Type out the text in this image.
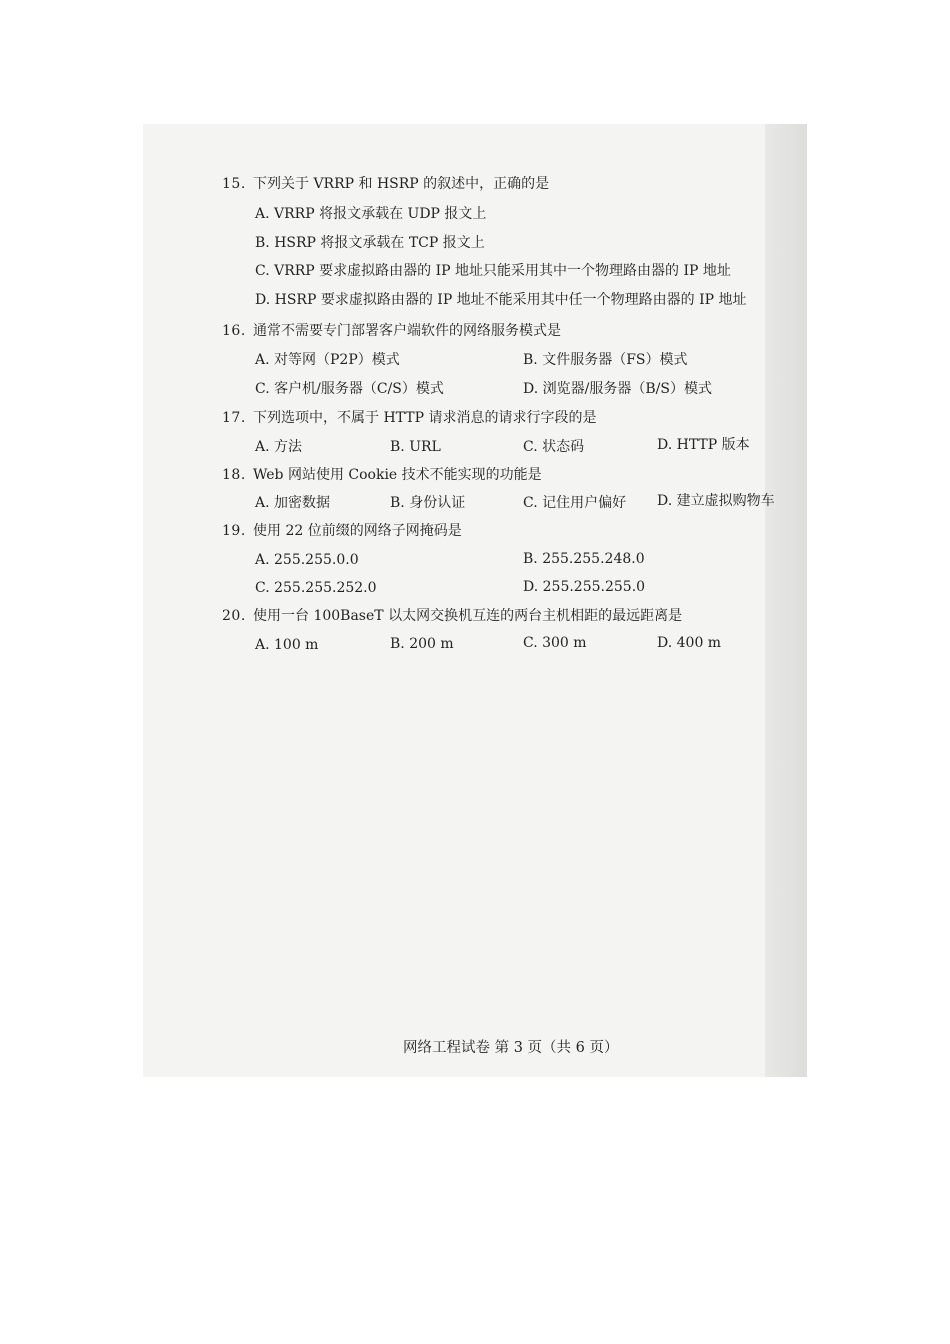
15. 下列关于 VRRP 和 HSRP 的叙述中，正确的是
A. VRRP 将报文承载在 UDP 报文上
B. HSRP 将报文承载在 TCP 报文上
C. VRRP 要求虚拟路由器的 IP 地址只能采用其中一个物理路由器的 IP 地址
D. HSRP 要求虚拟路由器的 IP 地址不能采用其中任一个物理路由器的 IP 地址
16. 通常不需要专门部署客户端软件的网络服务模式是
A. 对等网（P2P）模式	B. 文件服务器（FS）模式
C. 客户机/服务器（C/S）模式	D. 浏览器/服务器（B/S）模式
17. 下列选项中，不属于 HTTP 请求消息的请求行字段的是
A. 方法	B. URL	C. 状态码	D. HTTP 版本
18. Web 网站使用 Cookie 技术不能实现的功能是
A. 加密数据	B. 身份认证	C. 记住用户偏好 D. 建立虚拟购物车
19. 使用 22 位前缀的网络子网掩码是
A. 255.255.0.0	B. 255.255.248.0
C. 255.255.252.0	D. 255.255.255.0
20. 使用一台 100BaseT 以太网交换机互连的两台主机相距的最远距离是
A. 100 m	B. 200 m	C. 300 m	D. 400 m
网络工程试卷 第 3 页（共 6 页）
